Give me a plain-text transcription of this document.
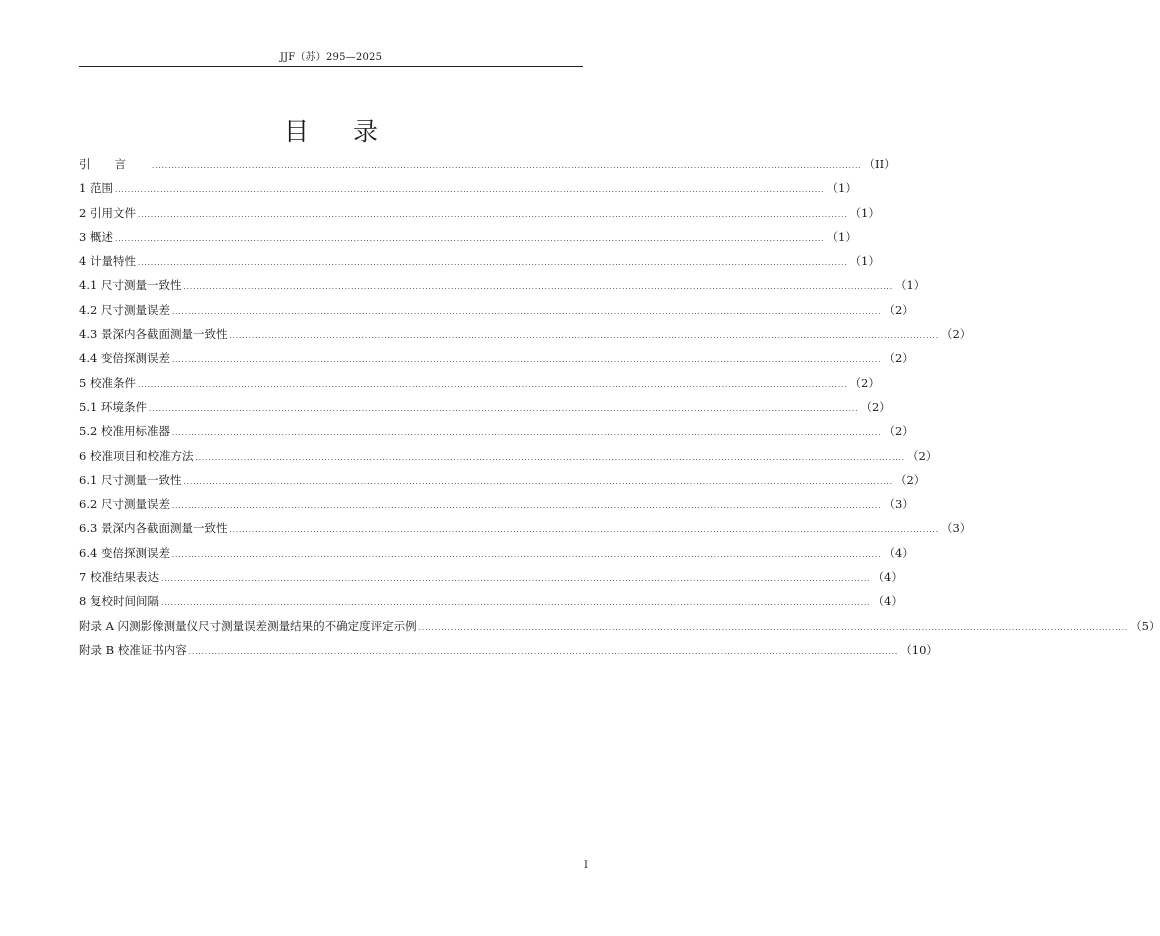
JJF（苏）295—2025
目录
引言 ............................................................................................................................................................................................................................ （II）
1 范围 ............................................................................................................................................................................................................................ （1）
2 引用文件 ............................................................................................................................................................................................................................ （1）
3 概述 ............................................................................................................................................................................................................................ （1）
4 计量特性 ............................................................................................................................................................................................................................ （1）
4.1 尺寸测量一致性 ............................................................................................................................................................................................................................ （1）
4.2 尺寸测量误差 ............................................................................................................................................................................................................................ （2）
4.3 景深内各截面测量一致性 ............................................................................................................................................................................................................................ （2）
4.4 变倍探测误差 ............................................................................................................................................................................................................................ （2）
5 校准条件 ............................................................................................................................................................................................................................ （2）
5.1 环境条件 ............................................................................................................................................................................................................................ （2）
5.2 校准用标准器 ............................................................................................................................................................................................................................ （2）
6 校准项目和校准方法 ............................................................................................................................................................................................................................ （2）
6.1 尺寸测量一致性 ............................................................................................................................................................................................................................ （2）
6.2 尺寸测量误差 ............................................................................................................................................................................................................................ （3）
6.3 景深内各截面测量一致性 ............................................................................................................................................................................................................................ （3）
6.4 变倍探测误差 ............................................................................................................................................................................................................................ （4）
7 校准结果表达 ............................................................................................................................................................................................................................ （4）
8 复校时间间隔 ............................................................................................................................................................................................................................ （4）
附录 A 闪测影像测量仪尺寸测量误差测量结果的不确定度评定示例 ............................................................................................................................................................................................................................ （5）
附录 B 校准证书内容 ............................................................................................................................................................................................................................ （10）
I
